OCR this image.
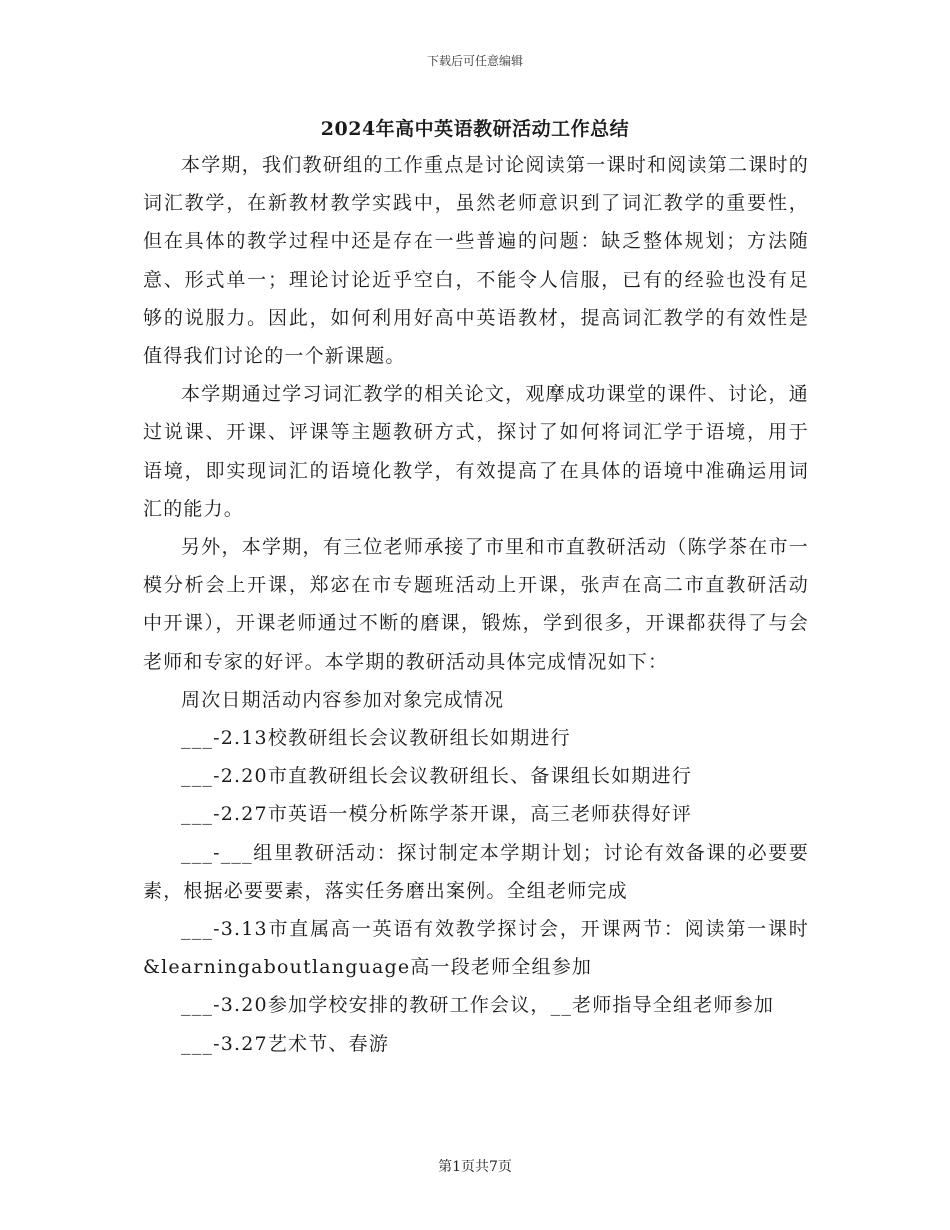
下载后可任意编辑
2024年高中英语教研活动工作总结

本学期，我们教研组的工作重点是讨论阅读第一课时和阅读第二课时的词汇教学，在新教材教学实践中，虽然老师意识到了词汇教学的重要性，但在具体的教学过程中还是存在一些普遍的问题：缺乏整体规划；方法随意、形式单一；理论讨论近乎空白，不能令人信服，已有的经验也没有足够的说服力。因此，如何利用好高中英语教材，提高词汇教学的有效性是值得我们讨论的一个新课题。

本学期通过学习词汇教学的相关论文，观摩成功课堂的课件、讨论，通过说课、开课、评课等主题教研方式，探讨了如何将词汇学于语境，用于语境，即实现词汇的语境化教学，有效提高了在具体的语境中准确运用词汇的能力。

另外，本学期，有三位老师承接了市里和市直教研活动（陈学茶在市一模分析会上开课，郑宓在市专题班活动上开课，张声在高二市直教研活动中开课），开课老师通过不断的磨课，锻炼，学到很多，开课都获得了与会老师和专家的好评。本学期的教研活动具体完成情况如下：

周次日期活动内容参加对象完成情况

___-2.13校教研组长会议教研组长如期进行

___-2.20市直教研组长会议教研组长、备课组长如期进行

___-2.27市英语一模分析陈学茶开课，高三老师获得好评

___-___组里教研活动：探讨制定本学期计划；讨论有效备课的必要要素，根据必要要素，落实任务磨出案例。全组老师完成

___-3.13市直属高一英语有效教学探讨会，开课两节：阅读第一课时&learningaboutlanguage高一段老师全组参加

___-3.20参加学校安排的教研工作会议，__老师指导全组老师参加

___-3.27艺术节、春游

第1页共7页
